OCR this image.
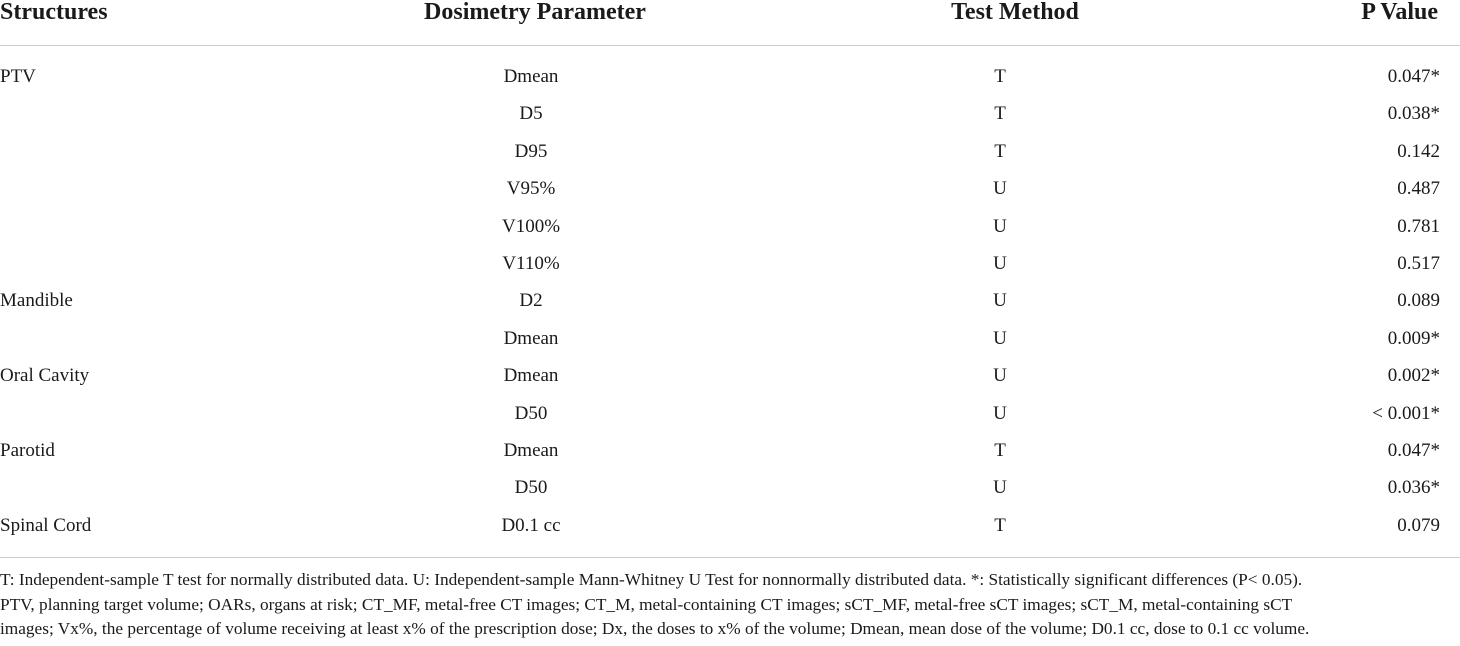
Structures	Dosimetry Parameter	Test Method	P Value
PTV	Dmean	T	0.047*
	D5	T	0.038*
	D95	T	0.142
	V95%	U	0.487
	V100%	U	0.781
	V110%	U	0.517
Mandible	D2	U	0.089
	Dmean	U	0.009*
Oral Cavity	Dmean	U	0.002*
	D50	U	< 0.001*
Parotid	Dmean	T	0.047*
	D50	U	0.036*
Spinal Cord	D0.1 cc	T	0.079
T: Independent-sample T test for normally distributed data. U: Independent-sample Mann-Whitney U Test for nonnormally distributed data. *: Statistically significant differences (P< 0.05).
PTV, planning target volume; OARs, organs at risk; CT_MF, metal-free CT images; CT_M, metal-containing CT images; sCT_MF, metal-free sCT images; sCT_M, metal-containing sCT
images; Vx%, the percentage of volume receiving at least x% of the prescription dose; Dx, the doses to x% of the volume; Dmean, mean dose of the volume; D0.1 cc, dose to 0.1 cc volume.
